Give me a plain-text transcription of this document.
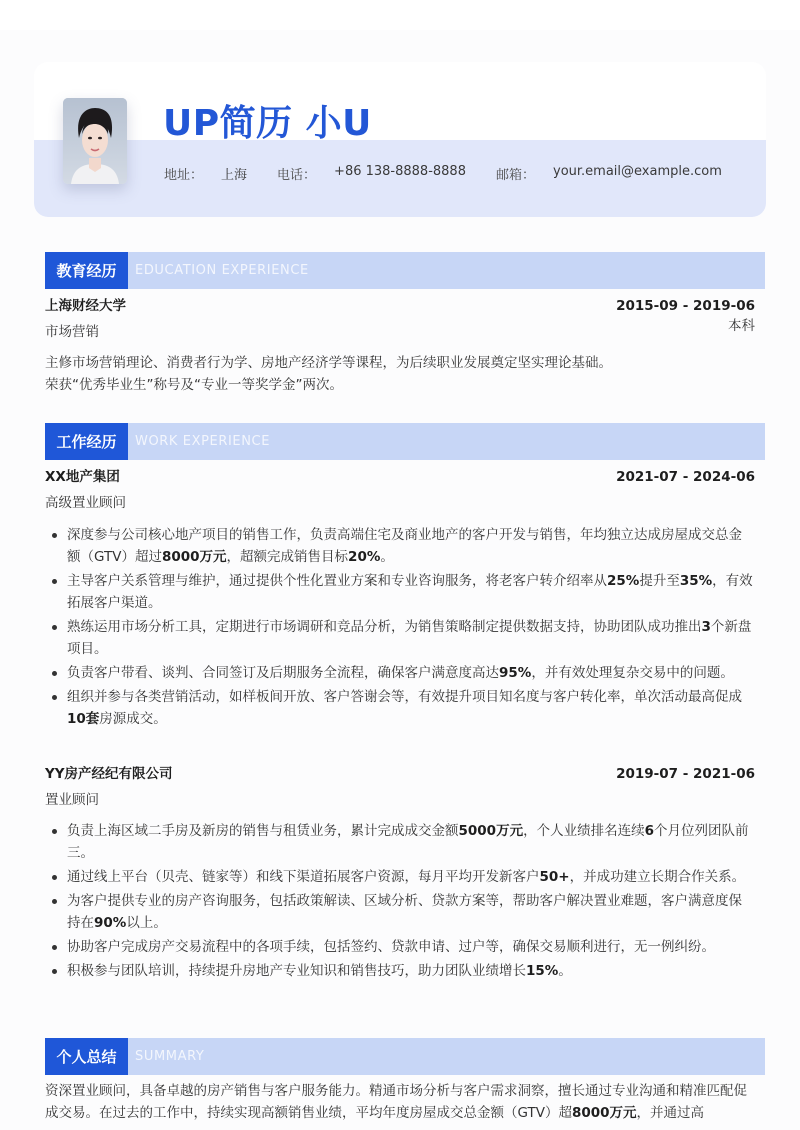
UP简历 小U
地址： 上海 电话： +86 138-8888-8888 邮箱： your.email@example.com
教育经历	EDUCATION EXPERIENCE
上海财经大学	2015-09 - 2019-06
市场营销	本科
主修市场营销理论、消费者行为学、房地产经济学等课程，为后续职业发展奠定坚实理论基础。
荣获“优秀毕业生”称号及“专业一等奖学金”两次。
工作经历	WORK EXPERIENCE
XX地产集团	2021-07 - 2024-06
高级置业顾问
深度参与公司核心地产项目的销售工作，负责高端住宅及商业地产的客户开发与销售，年均独立达成房屋成交总金额（GTV）超过8000万元，超额完成销售目标20%。
主导客户关系管理与维护，通过提供个性化置业方案和专业咨询服务，将老客户转介绍率从25%提升至35%，有效拓展客户渠道。
熟练运用市场分析工具，定期进行市场调研和竞品分析，为销售策略制定提供数据支持，协助团队成功推出3个新盘项目。
负责客户带看、谈判、合同签订及后期服务全流程，确保客户满意度高达95%，并有效处理复杂交易中的问题。
组织并参与各类营销活动，如样板间开放、客户答谢会等，有效提升项目知名度与客户转化率，单次活动最高促成10套房源成交。
YY房产经纪有限公司	2019-07 - 2021-06
置业顾问
负责上海区域二手房及新房的销售与租赁业务，累计完成成交金额5000万元，个人业绩排名连续6个月位列团队前三。
通过线上平台（贝壳、链家等）和线下渠道拓展客户资源，每月平均开发新客户50+，并成功建立长期合作关系。
为客户提供专业的房产咨询服务，包括政策解读、区域分析、贷款方案等，帮助客户解决置业难题，客户满意度保持在90%以上。
协助客户完成房产交易流程中的各项手续，包括签约、贷款申请、过户等，确保交易顺利进行，无一例纠纷。
积极参与团队培训，持续提升房地产专业知识和销售技巧，助力团队业绩增长15%。
个人总结	SUMMARY
资深置业顾问，具备卓越的房产销售与客户服务能力。精通市场分析与客户需求洞察，擅长通过专业沟通和精准匹配促成交易。在过去的工作中，持续实现高额销售业绩，平均年度房屋成交总金额（GTV）超8000万元，并通过高
